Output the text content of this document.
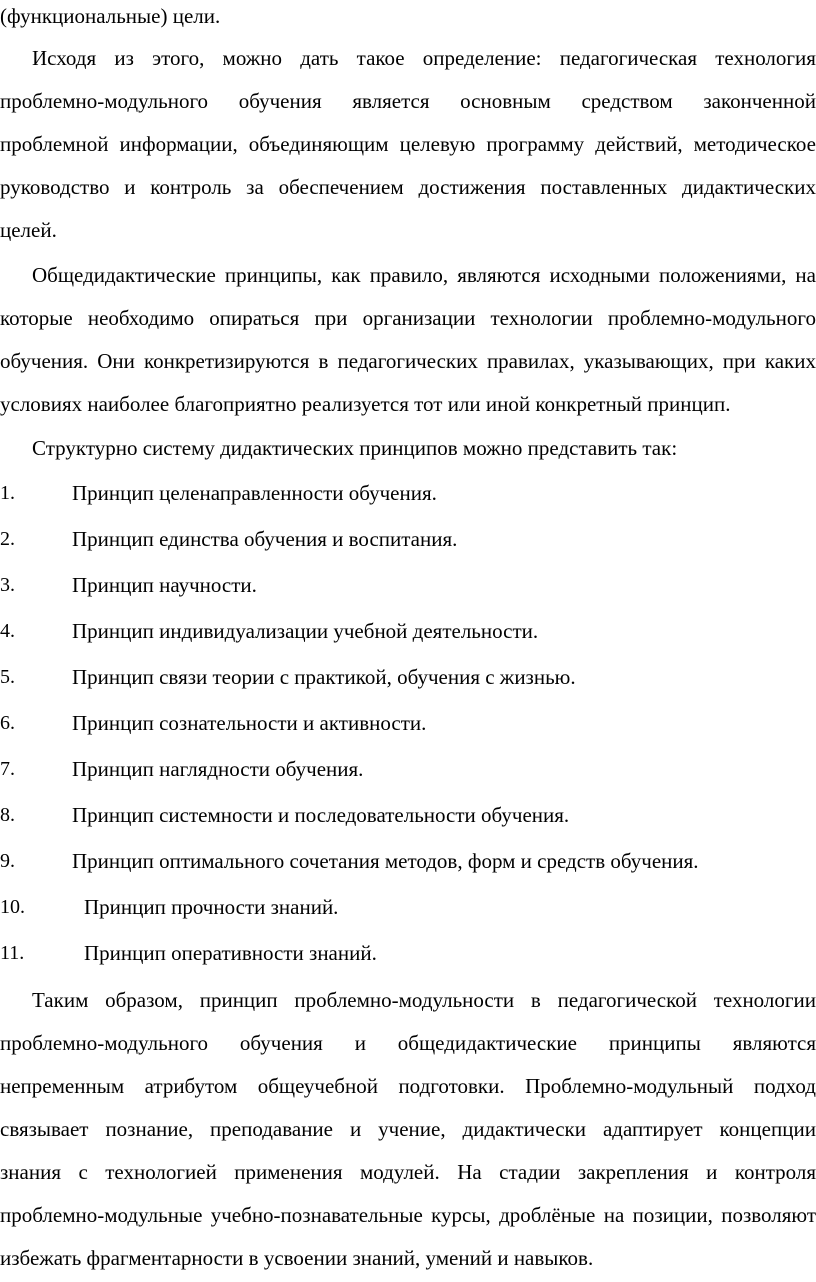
(функциональные) цели.
Исходя из этого, можно дать такое определение: педагогическая технология
проблемно-модульного обучения является основным средством законченной
проблемной информации, объединяющим целевую программу действий, методическое
руководство и контроль за обеспечением достижения поставленных дидактических
целей.
Общедидактические принципы, как правило, являются исходными положениями, на
которые необходимо опираться при организации технологии проблемно-модульного
обучения. Они конкретизируются в педагогических правилах, указывающих, при каких
условиях наиболее благоприятно реализуется тот или иной конкретный принцип.
Структурно систему дидактических принципов можно представить так:
1.	Принцип целенаправленности обучения.
2.	Принцип единства обучения и воспитания.
3.	Принцип научности.
4.	Принцип индивидуализации учебной деятельности.
5.	Принцип связи теории с практикой, обучения с жизнью.
6.	Принцип сознательности и активности.
7.	Принцип наглядности обучения.
8.	Принцип системности и последовательности обучения.
9.	Принцип оптимального сочетания методов, форм и средств обучения.
10.	Принцип прочности знаний.
11.	Принцип оперативности знаний.
Таким образом, принцип проблемно-модульности в педагогической технологии
проблемно-модульного обучения и общедидактические принципы являются
непременным атрибутом общеучебной подготовки. Проблемно-модульный подход
связывает познание, преподавание и учение, дидактически адаптирует концепции
знания с технологией применения модулей. На стадии закрепления и контроля
проблемно-модульные учебно-познавательные курсы, дроблёные на позиции, позволяют
избежать фрагментарности в усвоении знаний, умений и навыков.
